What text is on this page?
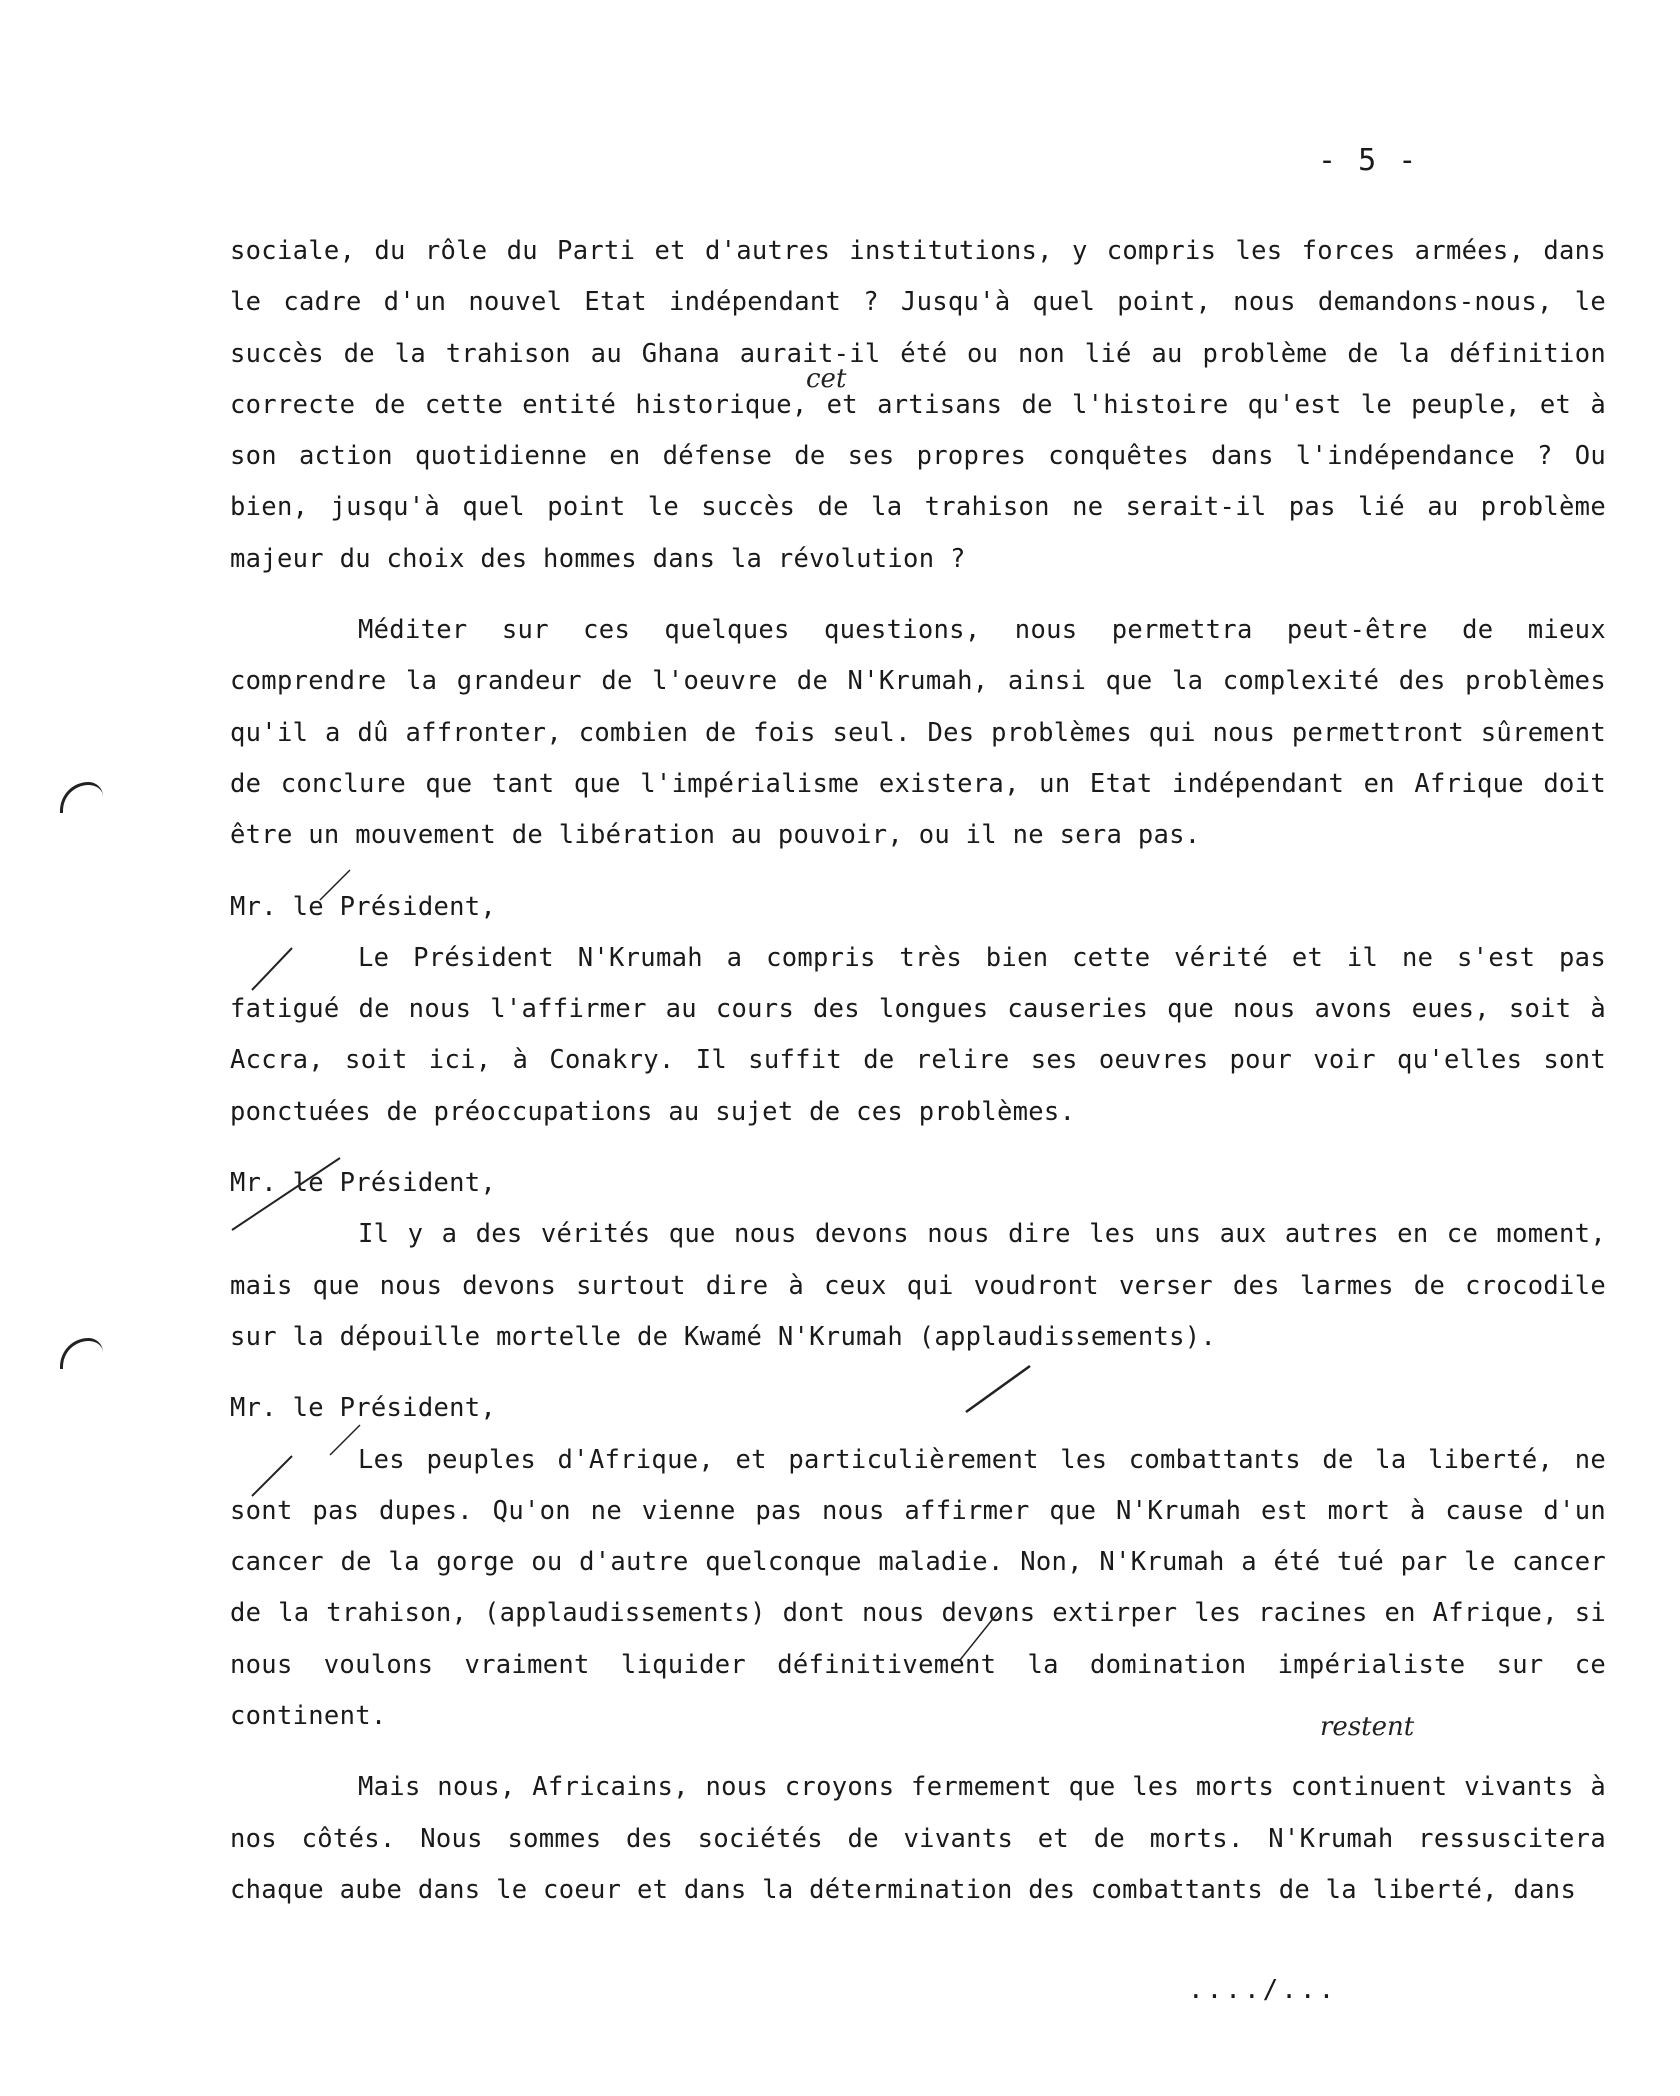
- 5 -

sociale, du rôle du Parti et d'autres institutions, y compris les forces armées, dans le cadre d'un nouvel Etat indépendant ? Jusqu'à quel point, nous demandons-nous, le succès de la trahison au Ghana aurait-il été ou non lié au problème de la définition correcte de cette entité historique, et artisans de l'histoire qu'est le peuple, et à son action quotidienne en défense de ses propres conquêtes dans l'indépendance ? Ou bien, jusqu'à quel point le succès de la trahison ne serait-il pas lié au problème majeur du choix des hommes dans la révolution ?

Méditer sur ces quelques questions, nous permettra peut-être de mieux comprendre la grandeur de l'oeuvre de N'Krumah, ainsi que la complexité des problèmes qu'il a dû affronter, combien de fois seul. Des problèmes qui nous permettront sûrement de conclure que tant que l'impérialisme existera, un Etat indépendant en Afrique doit être un mouvement de libération au pouvoir, ou il ne sera pas.

Mr. le Président,

Le Président N'Krumah a compris très bien cette vérité et il ne s'est pas fatigué de nous l'affirmer au cours des longues causeries que nous avons eues, soit à Accra, soit ici, à Conakry. Il suffit de relire ses oeuvres pour voir qu'elles sont ponctuées de préoccupations au sujet de ces problèmes.

Mr. le Président,

Il y a des vérités que nous devons nous dire les uns aux autres en ce moment, mais que nous devons surtout dire à ceux qui voudront verser des larmes de crocodile sur la dépouille mortelle de Kwamé N'Krumah (applaudissements).

Mr. le Président,

Les peuples d'Afrique, et particulièrement les combattants de la liberté, ne sont pas dupes. Qu'on ne vienne pas nous affirmer que N'Krumah est mort à cause d'un cancer de la gorge ou d'autre quelconque maladie. Non, N'Krumah a été tué par le cancer de la trahison, (applaudissements) dont nous devons extirper les racines en Afrique, si nous voulons vraiment liquider définitivement la domination impérialiste sur ce continent.

Mais nous, Africains, nous croyons fermement que les morts continuent vivants à nos côtés. Nous sommes des sociétés de vivants et de morts. N'Krumah ressuscitera chaque aube dans le coeur et dans la détermination des combattants de la liberté, dans

cet
restent
..../...
